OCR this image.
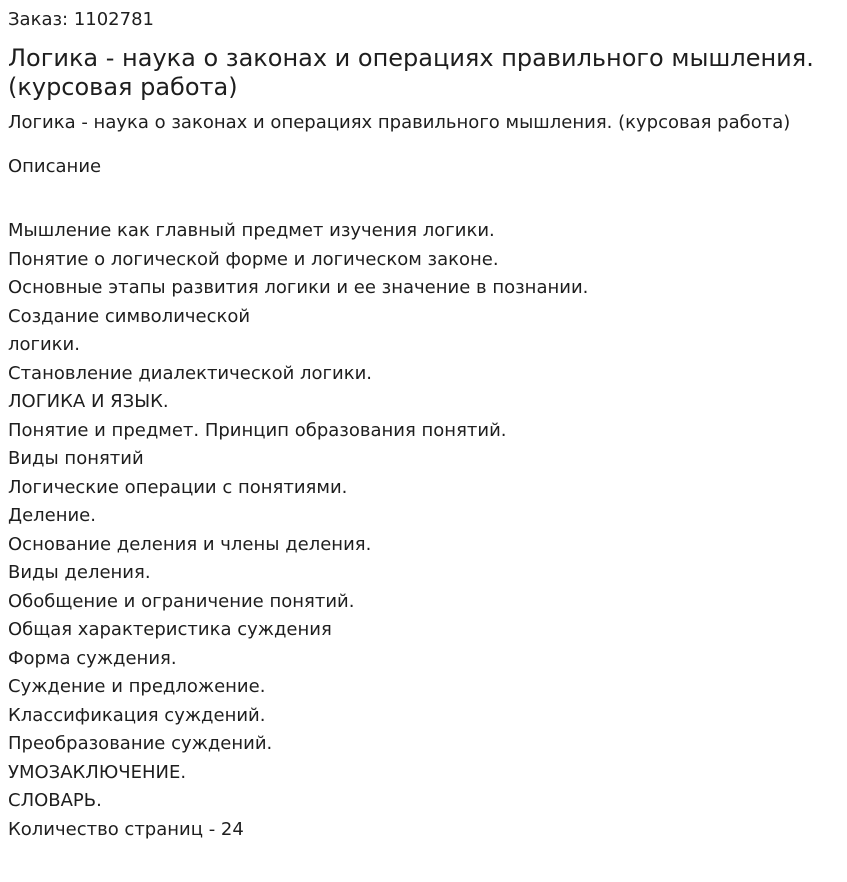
Заказ: 1102781
Логика - наука о законах и операциях правильного мышления. (курсовая работа)
Логика - наука о законах и операциях правильного мышления. (курсовая работа)
Описание
Мышление как главный предмет изучения логики.
Понятие о логической форме и логическом законе.
Основные этапы развития логики и ее значение в познании.
Создание символической
логики.
Становление диалектической логики.
ЛОГИКА И ЯЗЫК.
Понятие и предмет. Принцип образования понятий.
Виды понятий
Логические операции с понятиями.
Деление.
Основание деления и члены деления.
Виды деления.
Обобщение и ограничение понятий.
Общая характеристика суждения
Форма суждения.
Суждение и предложение.
Классификация суждений.
Преобразование суждений.
УМОЗАКЛЮЧЕНИЕ.
СЛОВАРЬ.
Количество страниц - 24
